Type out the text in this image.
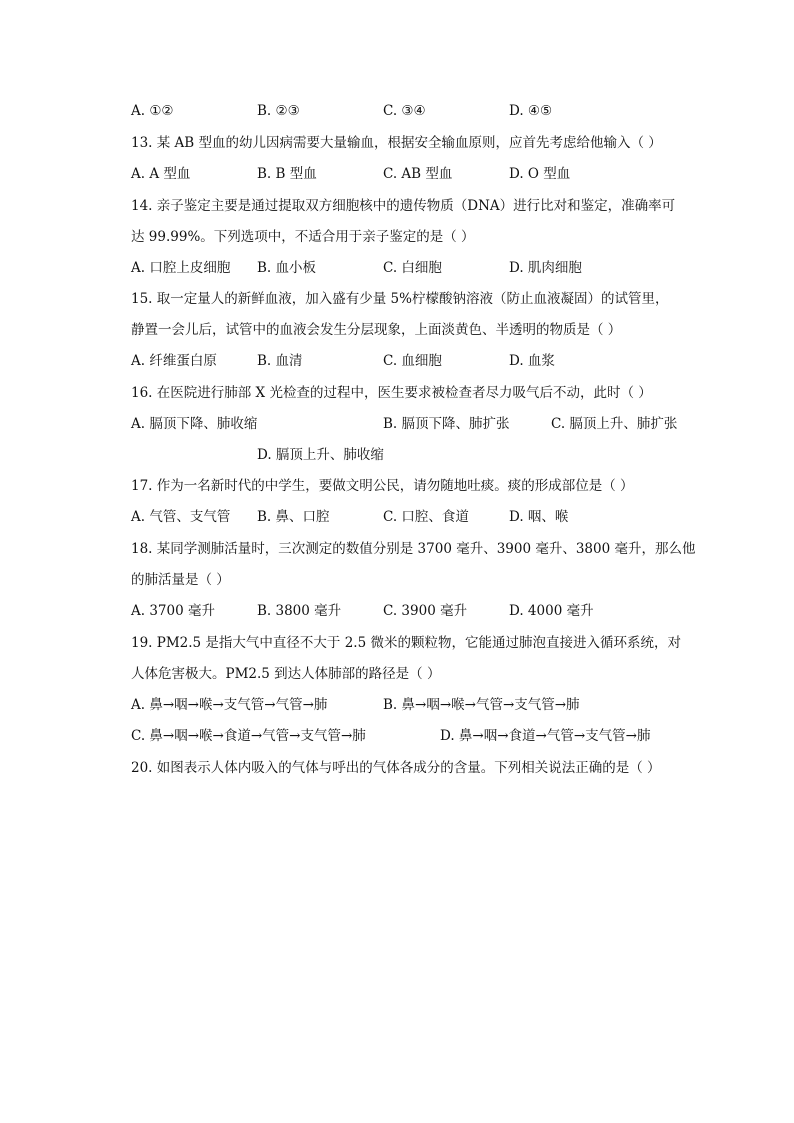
A. ①②	B. ②③	C. ③④	D. ④⑤
13. 某 AB 型血的幼儿因病需要大量输血，根据安全输血原则，应首先考虑给他输入（ ）
A. A 型血	B. B 型血	C. AB 型血	D. O 型血
14. 亲子鉴定主要是通过提取双方细胞核中的遗传物质（DNA）进行比对和鉴定，准确率可
达 99.99%。下列选项中，不适合用于亲子鉴定的是（ ）
A. 口腔上皮细胞 B. 血小板	C. 白细胞	D. 肌肉细胞
15. 取一定量人的新鲜血液，加入盛有少量 5%柠檬酸钠溶液（防止血液凝固）的试管里，
静置一会儿后，试管中的血液会发生分层现象，上面淡黄色、半透明的物质是（ ）
A. 纤维蛋白原	B. 血清	C. 血细胞	D. 血浆
16. 在医院进行肺部 X 光检查的过程中，医生要求被检查者尽力吸气后不动，此时（ ）
A. 膈顶下降、肺收缩	B. 膈顶下降、肺扩张	C. 膈顶上升、肺扩张
D. 膈顶上升、肺收缩
17. 作为一名新时代的中学生，要做文明公民，请勿随地吐痰。痰的形成部位是（ ）
A. 气管、支气管 B. 鼻、口腔	C. 口腔、食道	D. 咽、喉
18. 某同学测肺活量时，三次测定的数值分别是 3700 毫升、3900 毫升、3800 毫升，那么他
的肺活量是（ ）
A. 3700 毫升	B. 3800 毫升	C. 3900 毫升	D. 4000 毫升
19. PM2.5 是指大气中直径不大于 2.5 微米的颗粒物，它能通过肺泡直接进入循环系统，对
人体危害极大。PM2.5 到达人体肺部的路径是（ ）
A. 鼻→咽→喉→支气管→气管→肺	B. 鼻→咽→喉→气管→支气管→肺
C. 鼻→咽→喉→食道→气管→支气管→肺	D. 鼻→咽→食道→气管→支气管→肺
20. 如图表示人体内吸入的气体与呼出的气体各成分的含量。下列相关说法正确的是（ ）
